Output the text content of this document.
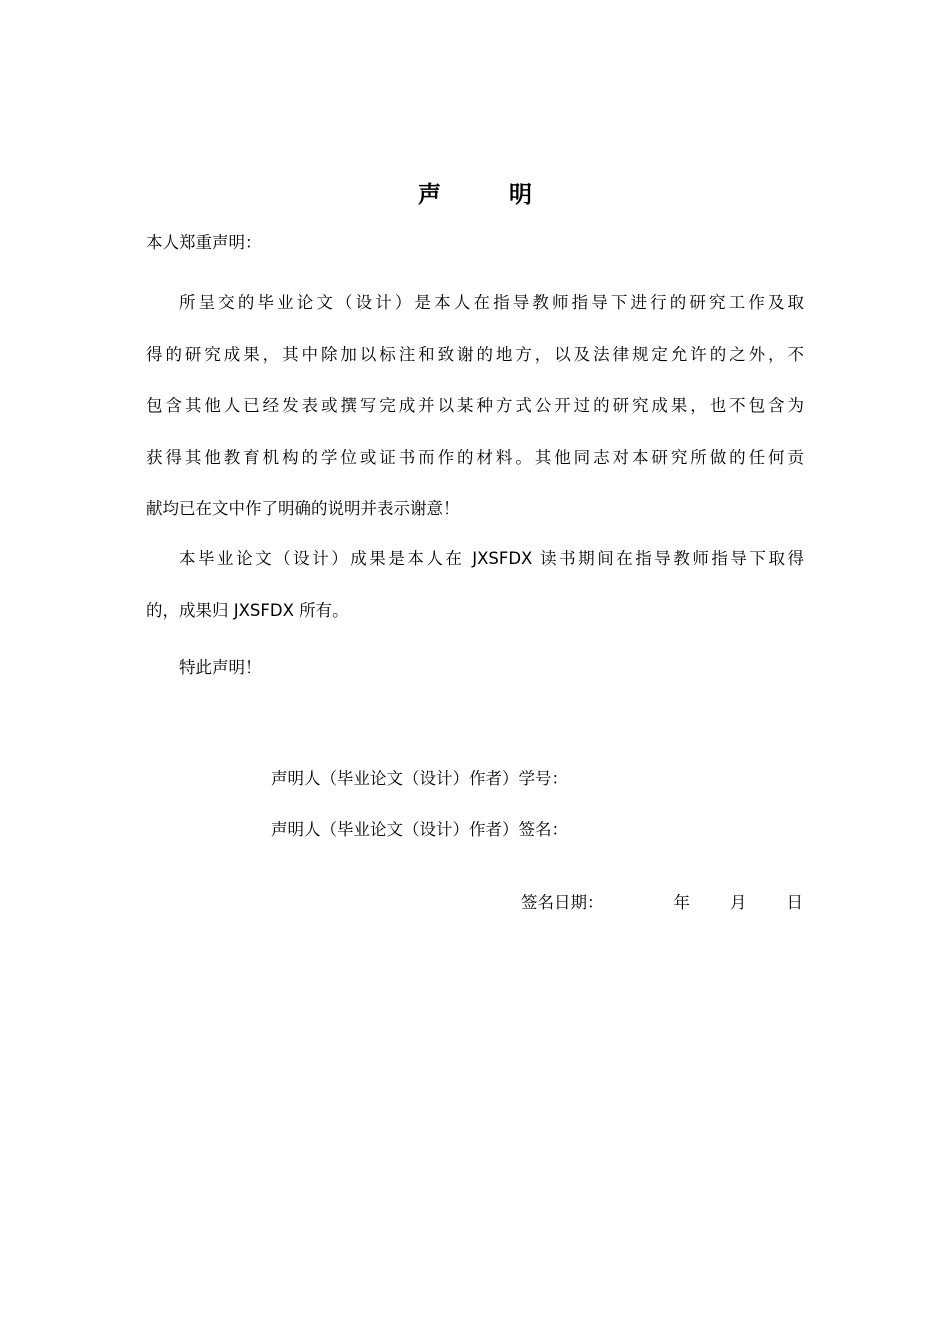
声	明
本人郑重声明：
所呈交的毕业论文（设计）是本人在指导教师指导下进行的研究工作及取
得的研究成果，其中除加以标注和致谢的地方，以及法律规定允许的之外，不
包含其他人已经发表或撰写完成并以某种方式公开过的研究成果，也不包含为
获得其他教育机构的学位或证书而作的材料。其他同志对本研究所做的任何贡
献均已在文中作了明确的说明并表示谢意！
本毕业论文（设计）成果是本人在 JXSFDX 读书期间在指导教师指导下取得
的，成果归 JXSFDX 所有。
特此声明！
声明人（毕业论文（设计）作者）学号：
声明人（毕业论文（设计）作者）签名：
签名日期：	年 月 日
